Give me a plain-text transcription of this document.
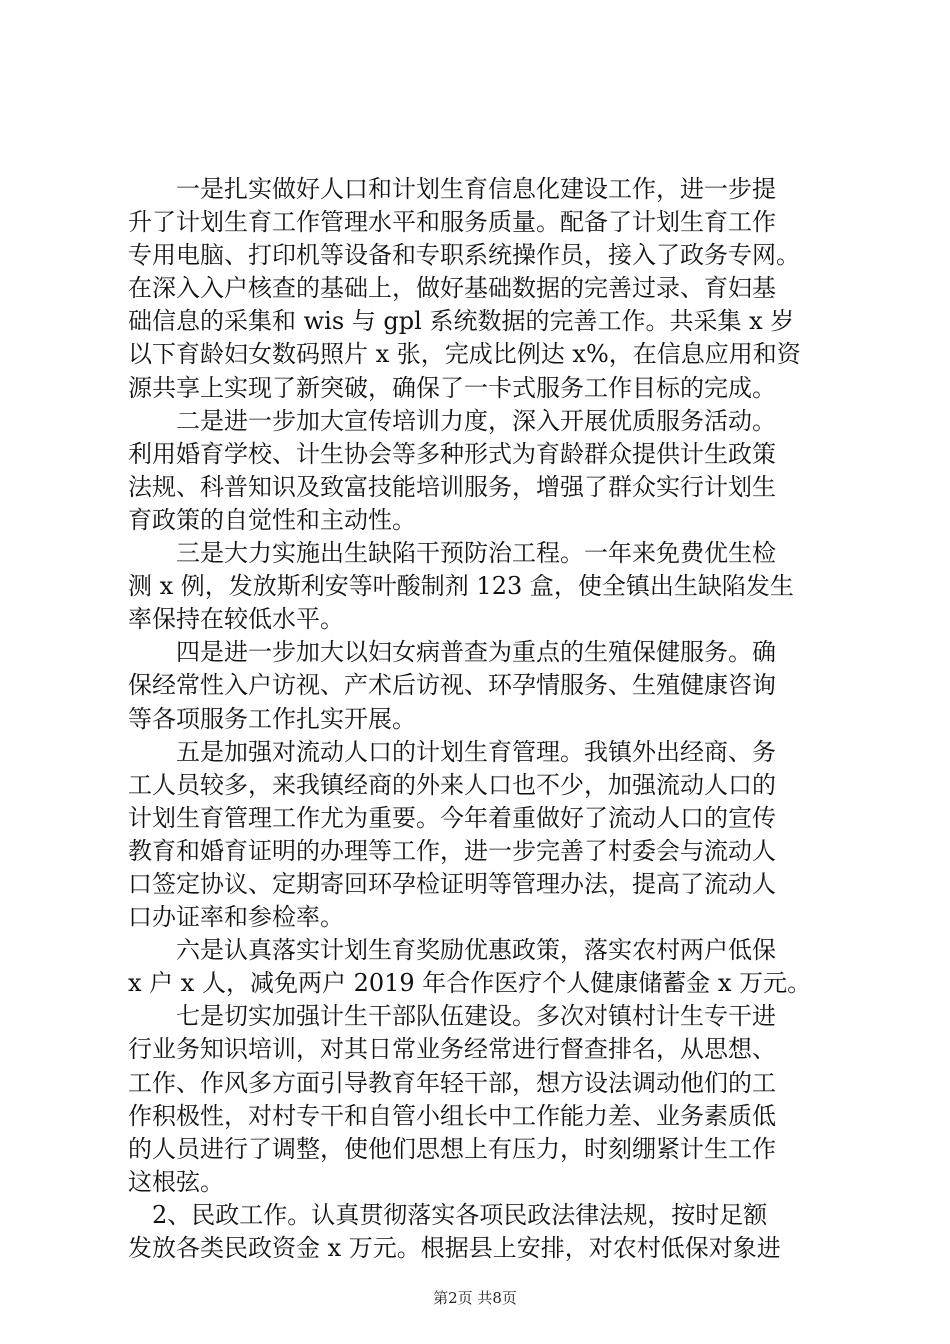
　　一是扎实做好人口和计划生育信息化建设工作，进一步提
升了计划生育工作管理水平和服务质量。配备了计划生育工作
专用电脑、打印机等设备和专职系统操作员，接入了政务专网。
在深入入户核查的基础上，做好基础数据的完善过录、育妇基
础信息的采集和 wis 与 gpl 系统数据的完善工作。共采集 x 岁
以下育龄妇女数码照片 x 张，完成比例达 x%，在信息应用和资
源共享上实现了新突破，确保了一卡式服务工作目标的完成。
　　二是进一步加大宣传培训力度，深入开展优质服务活动。
利用婚育学校、计生协会等多种形式为育龄群众提供计生政策
法规、科普知识及致富技能培训服务，增强了群众实行计划生
育政策的自觉性和主动性。
　　三是大力实施出生缺陷干预防治工程。一年来免费优生检
测 x 例，发放斯利安等叶酸制剂 123 盒，使全镇出生缺陷发生
率保持在较低水平。
　　四是进一步加大以妇女病普查为重点的生殖保健服务。确
保经常性入户访视、产术后访视、环孕情服务、生殖健康咨询
等各项服务工作扎实开展。
　　五是加强对流动人口的计划生育管理。我镇外出经商、务
工人员较多，来我镇经商的外来人口也不少，加强流动人口的
计划生育管理工作尤为重要。今年着重做好了流动人口的宣传
教育和婚育证明的办理等工作，进一步完善了村委会与流动人
口签定协议、定期寄回环孕检证明等管理办法，提高了流动人
口办证率和参检率。
　　六是认真落实计划生育奖励优惠政策，落实农村两户低保
x 户 x 人，减免两户 2019 年合作医疗个人健康储蓄金 x 万元。
　　七是切实加强计生干部队伍建设。多次对镇村计生专干进
行业务知识培训，对其日常业务经常进行督查排名，从思想、
工作、作风多方面引导教育年轻干部，想方设法调动他们的工
作积极性，对村专干和自管小组长中工作能力差、业务素质低
的人员进行了调整，使他们思想上有压力，时刻绷紧计生工作
这根弦。
　2、民政工作。认真贯彻落实各项民政法律法规，按时足额
发放各类民政资金 x 万元。根据县上安排，对农村低保对象进
第2页 共8页
